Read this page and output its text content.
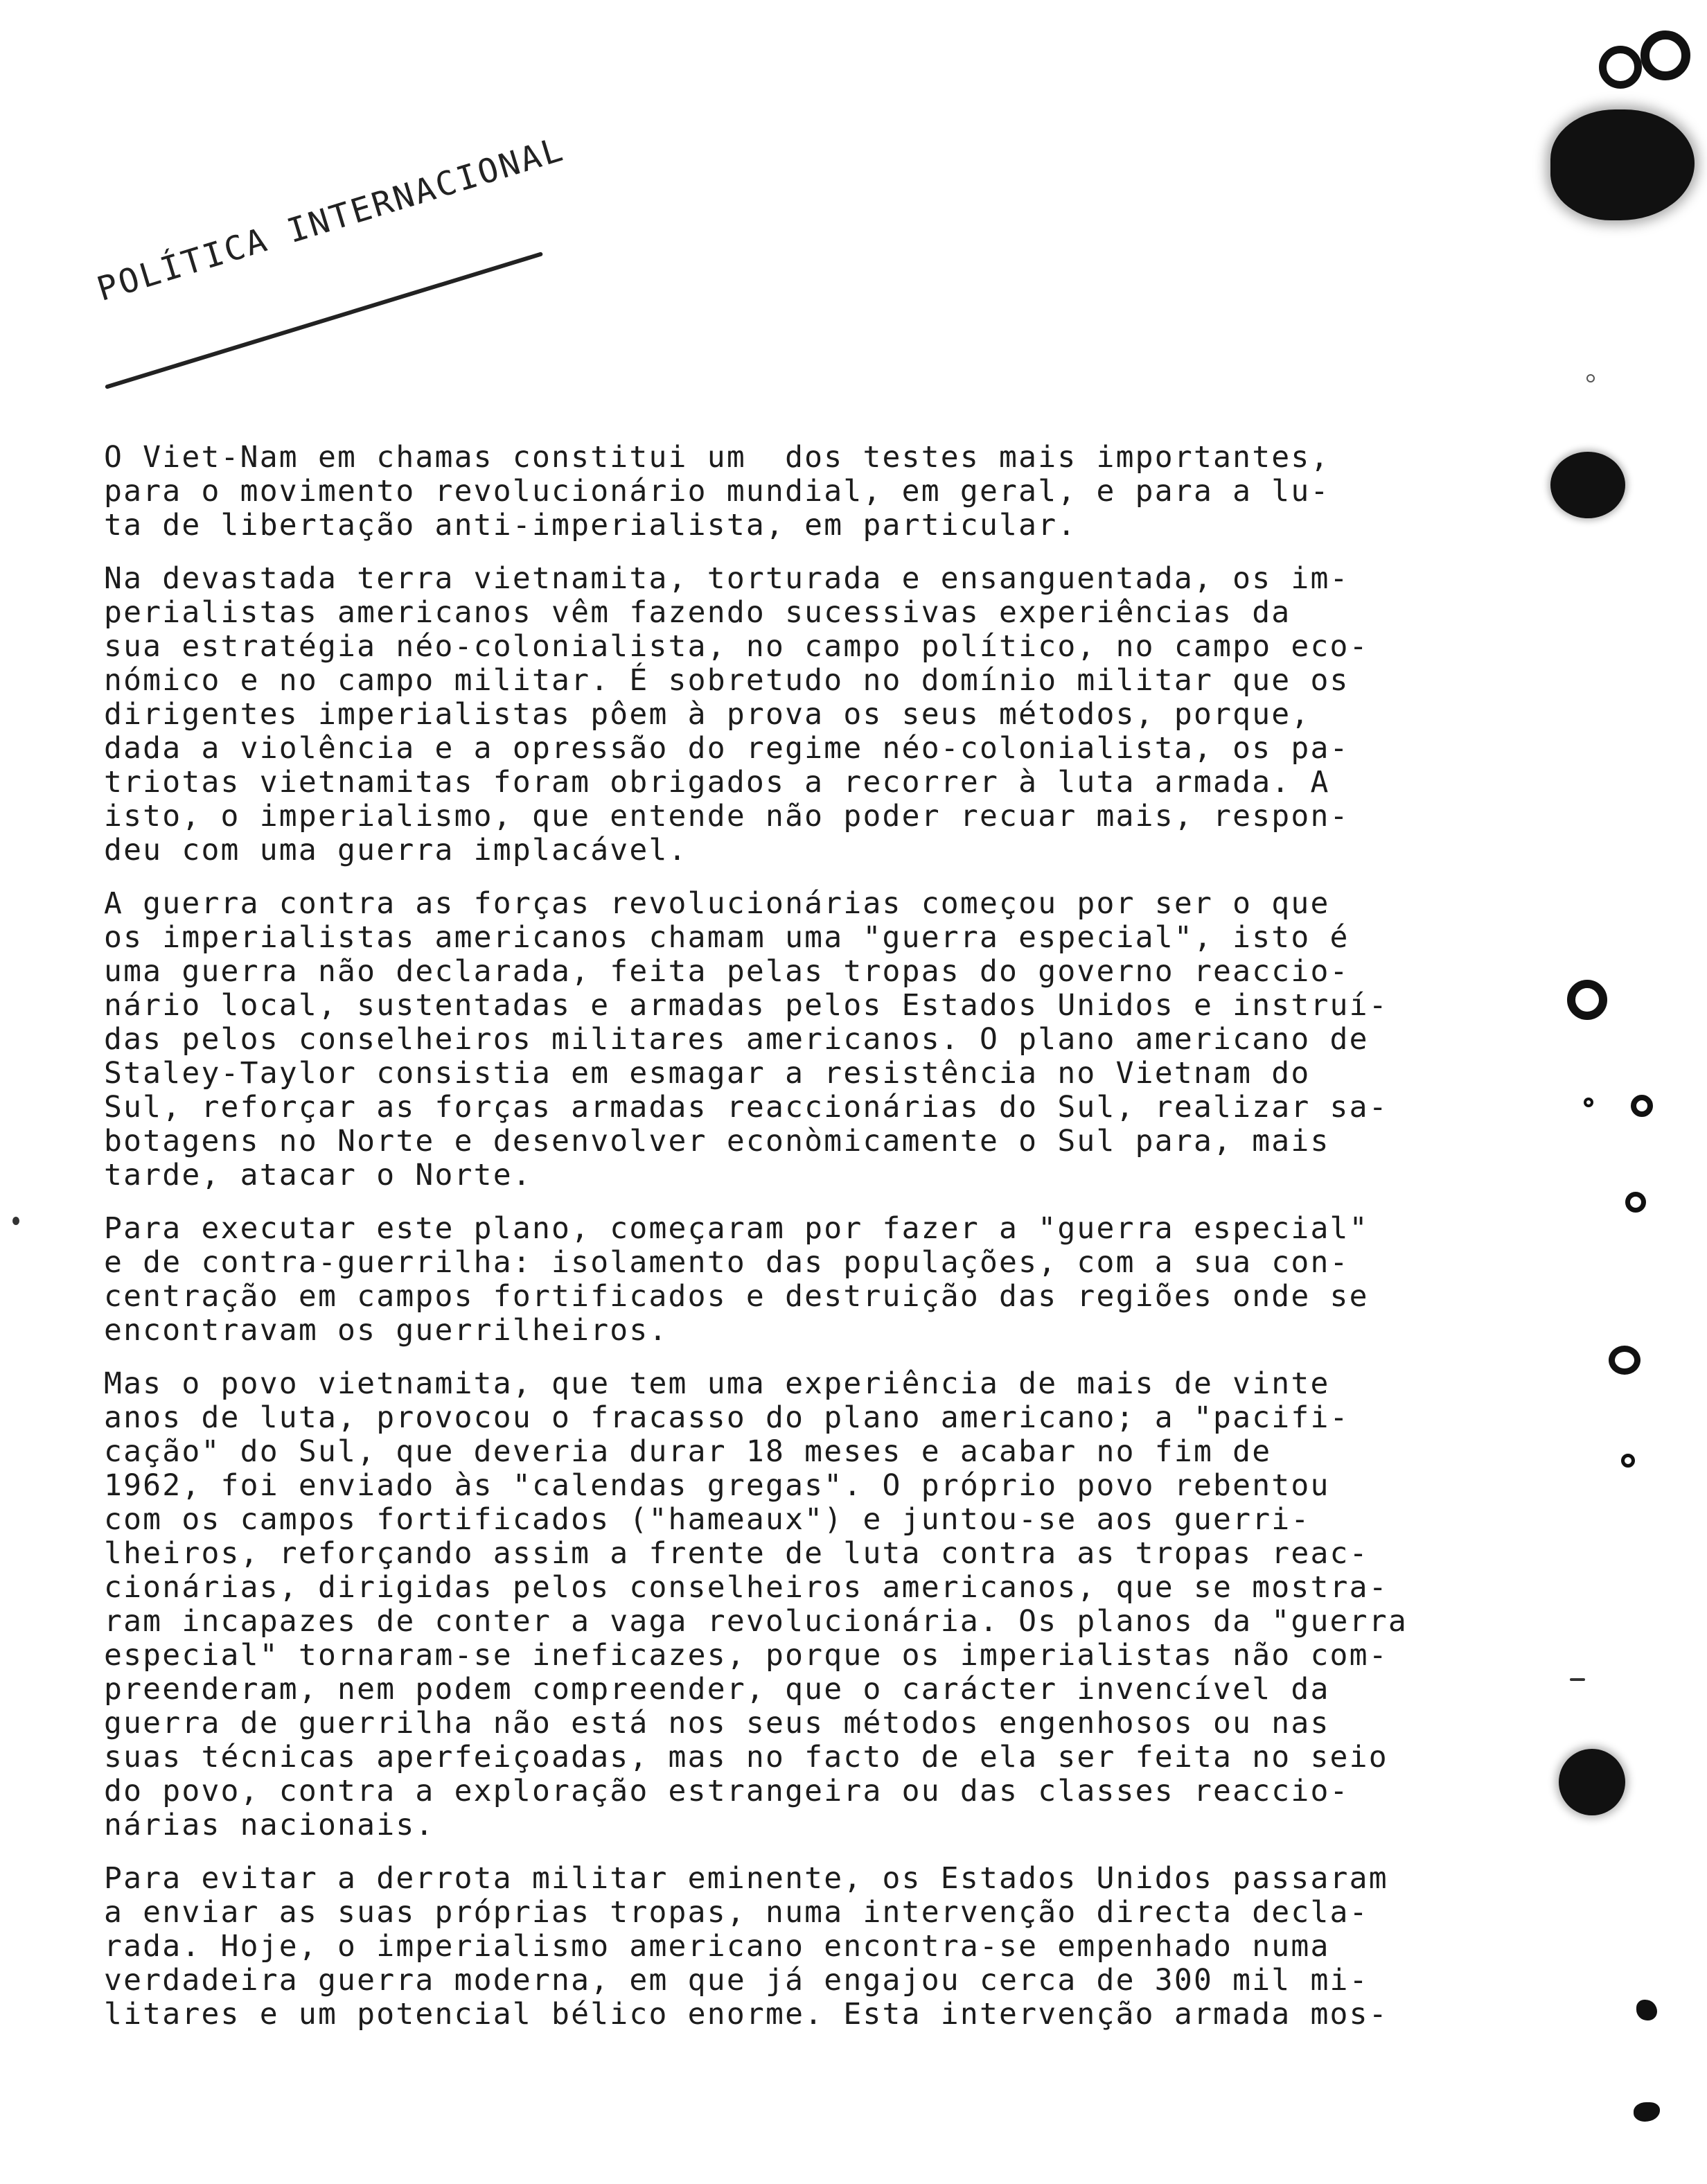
POLÍTICA INTERNACIONAL
O Viet-Nam em chamas constitui um  dos testes mais importantes,
para o movimento revolucionário mundial, em geral, e para a lu-
ta de libertação anti-imperialista, em particular.
Na devastada terra vietnamita, torturada e ensanguentada, os im-
perialistas americanos vêm fazendo sucessivas experiências da
sua estratégia néo-colonialista, no campo político, no campo eco-
nómico e no campo militar. É sobretudo no domínio militar que os
dirigentes imperialistas pôem à prova os seus métodos, porque,
dada a violência e a opressão do regime néo-colonialista, os pa-
triotas vietnamitas foram obrigados a recorrer à luta armada. A
isto, o imperialismo, que entende não poder recuar mais, respon-
deu com uma guerra implacável.
A guerra contra as forças revolucionárias começou por ser o que
os imperialistas americanos chamam uma "guerra especial", isto é
uma guerra não declarada, feita pelas tropas do governo reaccio-
nário local, sustentadas e armadas pelos Estados Unidos e instruí-
das pelos conselheiros militares americanos. O plano americano de
Staley-Taylor consistia em esmagar a resistência no Vietnam do
Sul, reforçar as forças armadas reaccionárias do Sul, realizar sa-
botagens no Norte e desenvolver econòmicamente o Sul para, mais
tarde, atacar o Norte.
Para executar este plano, começaram por fazer a "guerra especial"
e de contra-guerrilha: isolamento das populações, com a sua con-
centração em campos fortificados e destruição das regiões onde se
encontravam os guerrilheiros.
Mas o povo vietnamita, que tem uma experiência de mais de vinte
anos de luta, provocou o fracasso do plano americano; a "pacifi-
cação" do Sul, que deveria durar 18 meses e acabar no fim de
1962, foi enviado às "calendas gregas". O próprio povo rebentou
com os campos fortificados ("hameaux") e juntou-se aos guerri-
lheiros, reforçando assim a frente de luta contra as tropas reac-
cionárias, dirigidas pelos conselheiros americanos, que se mostra-
ram incapazes de conter a vaga revolucionária. Os planos da "guerra
especial" tornaram-se ineficazes, porque os imperialistas não com-
preenderam, nem podem compreender, que o carácter invencível da
guerra de guerrilha não está nos seus métodos engenhosos ou nas
suas técnicas aperfeiçoadas, mas no facto de ela ser feita no seio
do povo, contra a exploração estrangeira ou das classes reaccio-
nárias nacionais.
Para evitar a derrota militar eminente, os Estados Unidos passaram
a enviar as suas próprias tropas, numa intervenção directa decla-
rada. Hoje, o imperialismo americano encontra-se empenhado numa
verdadeira guerra moderna, em que já engajou cerca de 300 mil mi-
litares e um potencial bélico enorme. Esta intervenção armada mos-
